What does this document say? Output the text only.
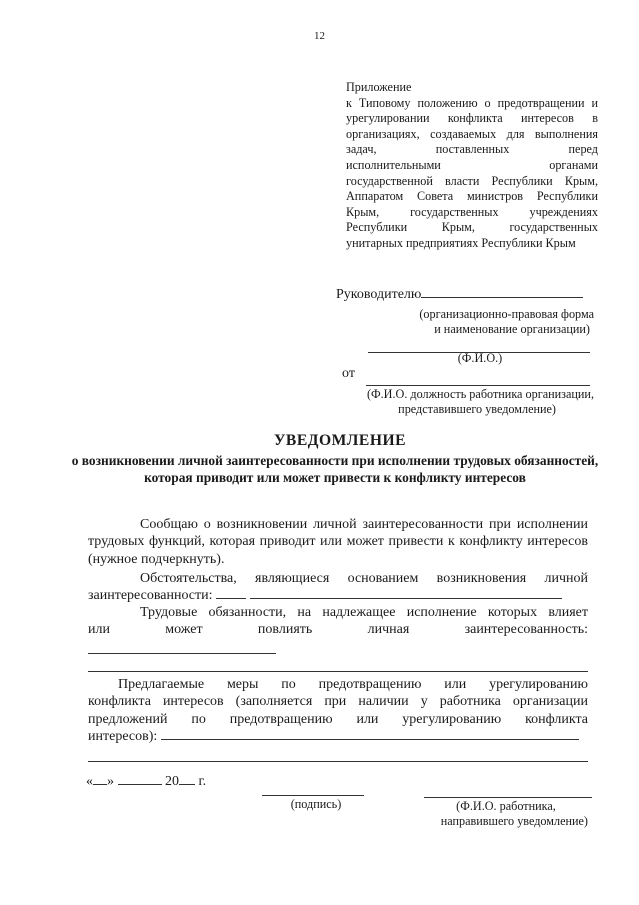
12
Приложение
к Типовому положению о предотвращении и
урегулировании конфликта интересов в
организациях, создаваемых для выполнения
задач, поставленных перед
исполнительными органами
государственной власти Республики Крым,
Аппаратом Совета министров Республики
Крым, государственных учреждениях
Республики Крым, государственных
унитарных предприятиях Республики Крым
Руководителю
(организационно-правовая форма
и наименование организации)
(Ф.И.О.)
от
(Ф.И.О. должность работника организации,
представившего уведомление)
УВЕДОМЛЕНИЕ
о возникновении личной заинтересованности при исполнении трудовых обязанностей, которая приводит или может привести к конфликту интересов

Сообщаю о возникновении личной заинтересованности при исполнении трудовых функций, которая приводит или может привести к конфликту интересов (нужное подчеркнуть).

Обстоятельства, являющиеся основанием возникновения личной
заинтересованности:
Трудовые обязанности, на надлежащее исполнение которых влияет
или может повлиять личная заинтересованность:
Предлагаемые меры по предотвращению или урегулированию
конфликта интересов (заполняется при наличии у работника организации
предложений по предотвращению или урегулированию конфликта
интересов):
« »	20 г.
(подпись)	(Ф.И.О. работника,
направившего уведомление)
